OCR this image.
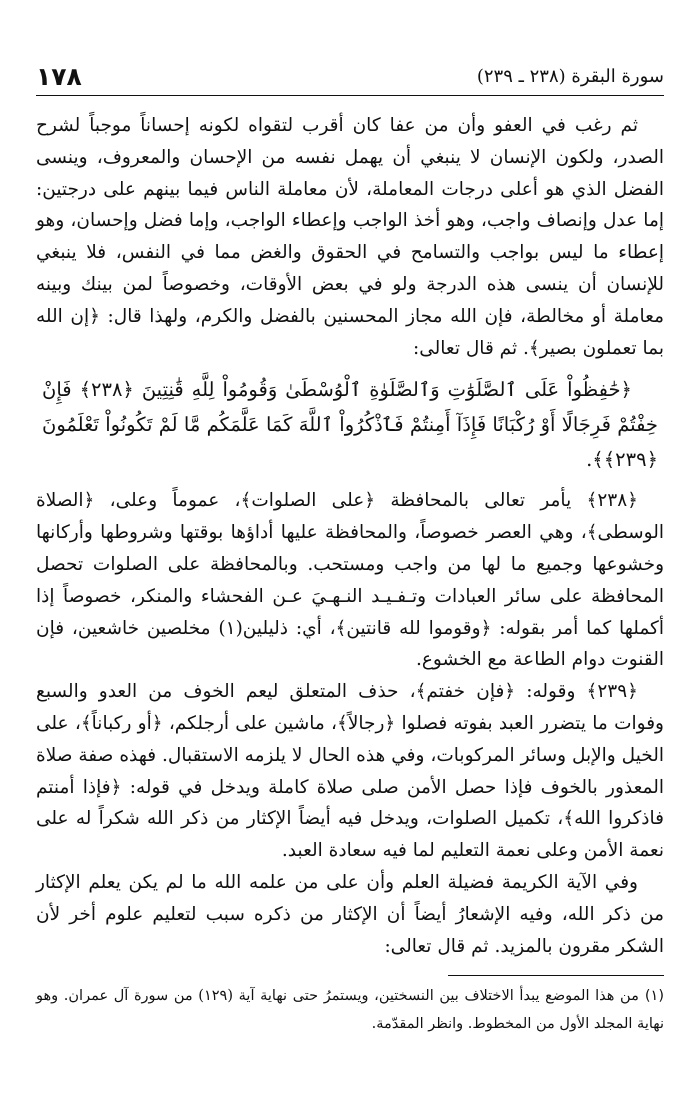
١٧٨	سورة البقرة (٢٣٨ ـ ٢٣٩)

ثم رغب في العفو وأن من عفا كان أقرب لتقواه لكونه إحساناً موجباً لشرح الصدر، ولكون الإنسان لا ينبغي أن يهمل نفسه من الإحسان والمعروف، وينسى الفضل الذي هو أعلى درجات المعاملة، لأن معاملة الناس فيما بينهم على درجتين: إما عدل وإنصاف واجب، وهو أخذ الواجب وإعطاء الواجب، وإما فضل وإحسان، وهو إعطاء ما ليس بواجب والتسامح في الحقوق والغض مما في النفس، فلا ينبغي للإنسان أن ينسى هذه الدرجة ولو في بعض الأوقات، وخصوصاً لمن بينك وبينه معاملة أو مخالطة، فإن الله مجاز المحسنين بالفضل والكرم، ولهذا قال: ﴿إن الله بما تعملون بصير﴾. ثم قال تعالى:

﴿حَٰفِظُواْ عَلَى ٱلصَّلَوَٰتِ وَٱلصَّلَوٰةِ ٱلْوُسْطَىٰ وَقُومُواْ لِلَّهِ قَٰنِتِينَ ﴿٢٣٨﴾ فَإِنْ خِفْتُمْ فَرِجَالًا أَوْ رُكْبَانًا فَإِذَآ أَمِنتُمْ فَٱذْكُرُواْ ٱللَّهَ كَمَا عَلَّمَكُم مَّا لَمْ تَكُونُواْ تَعْلَمُونَ ﴿٢٣٩﴾﴾.

﴿٢٣٨﴾ يأمر تعالى بالمحافظة ﴿على الصلوات﴾، عموماً وعلى، ﴿الصلاة الوسطى﴾، وهي العصر خصوصاً، والمحافظة عليها أداؤها بوقتها وشروطها وأركانها وخشوعها وجميع ما لها من واجب ومستحب. وبالمحافظة على الصلوات تحصل المحافظة على سائر العبادات وتـفـيـد النـهـيَ عـن الفحشاء والمنكر، خصوصاً إذا أكملها كما أمر بقوله: ﴿وقوموا لله قانتين﴾، أي: ذليلين(١) مخلصين خاشعين، فإن القنوت دوام الطاعة مع الخشوع.

﴿٢٣٩﴾ وقوله: ﴿فإن خفتم﴾، حذف المتعلق ليعم الخوف من العدو والسبع وفوات ما يتضرر العبد بفوته فصلوا ﴿رجالاً﴾، ماشين على أرجلكم، ﴿أو ركباناً﴾، على الخيل والإبل وسائر المركوبات، وفي هذه الحال لا يلزمه الاستقبال. فهذه صفة صلاة المعذور بالخوف فإذا حصل الأمن صلى صلاة كاملة ويدخل في قوله: ﴿فإذا أمنتم فاذكروا الله﴾، تكميل الصلوات، ويدخل فيه أيضاً الإكثار من ذكر الله شكراً له على نعمة الأمن وعلى نعمة التعليم لما فيه سعادة العبد.

وفي الآية الكريمة فضيلة العلم وأن على من علمه الله ما لم يكن يعلم الإكثار من ذكر الله، وفيه الإشعارُ أيضاً أن الإكثار من ذكره سبب لتعليم علوم أخر لأن الشكر مقرون بالمزيد. ثم قال تعالى:

(١)من هذا الموضع يبدأ الاختلاف بين النسختين، ويستمرُ حتى نهاية آية (١٢٩) من سورة آل عمران. وهو نهاية المجلد الأول من المخطوط. وانظر المقدّمة.
